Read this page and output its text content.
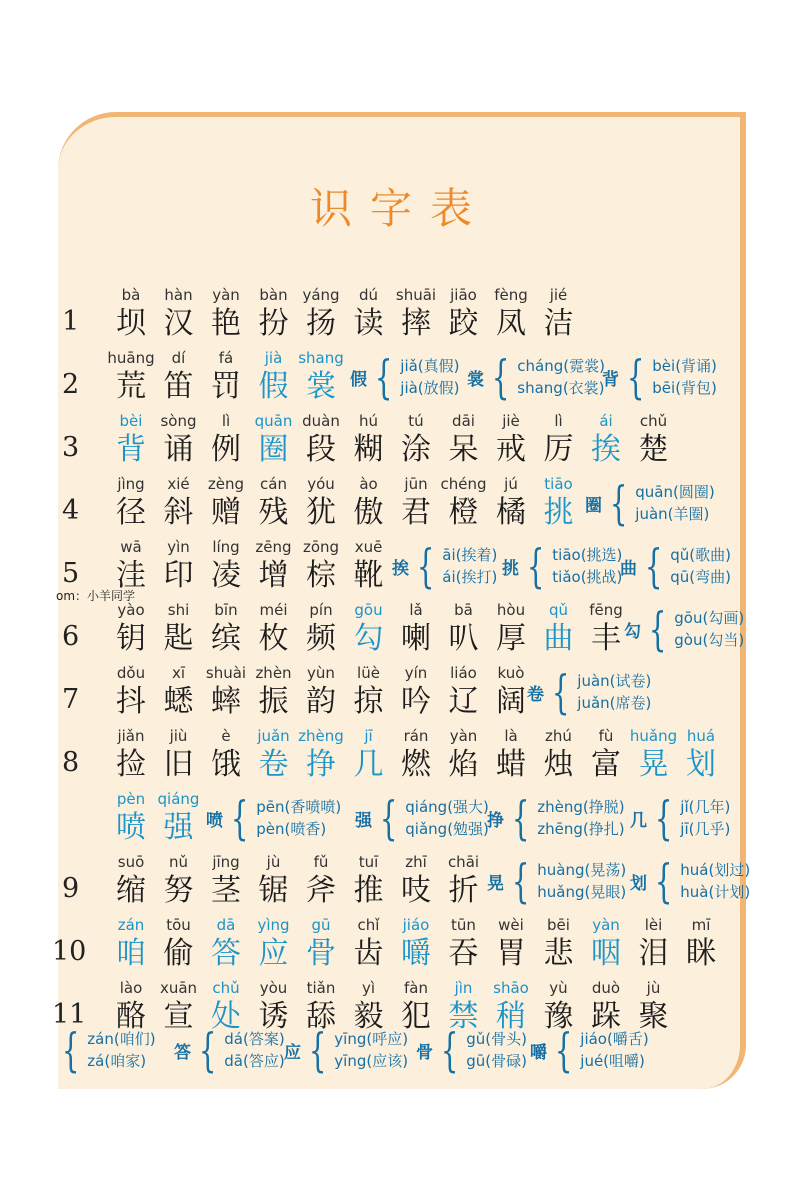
识字表
om：小羊同学
1
bà
坝
hàn
汉
yàn
艳
bàn
扮
yáng
扬
dú
读
shuāi
摔
jiāo
跤
fèng
凤
jié
洁
2
huāng
荒
dí
笛
fá
罚
jià
假
shang
裳 假 { jiǎ(真假)
jià(放假) 裳 { cháng(霓裳)
shang(衣裳)
背 { bèi(背诵)
bēi(背包)
3
bèi
背
sòng
诵
lì
例
quān
圈
duàn
段
hú
糊
tú
涂
dāi
呆
jiè
戒
lì
厉
ái
挨
chǔ
楚
4
jìng
径
xié
斜
zèng
赠
cán
残
yóu
犹
ào
傲
jūn
君
chéng
橙
jú
橘
tiāo
挑 圈 { quān(圆圈)
juàn(羊圈)
5
wā
洼
yìn
印
líng
凌
zēng
增
zōng
棕
xuē
靴 挨 { āi(挨着)
ái(挨打) 挑 { tiāo(挑选)
tiǎo(挑战)
曲 { qǔ(歌曲)
qū(弯曲)
6
yào
钥
shi
匙
bīn
缤
méi
枚
pín
频
gōu
勾
lǎ
喇
bā
叭
hòu
厚
qǔ
曲
fēng
丰 勾 { gōu(勾画)
gòu(勾当)
7
dǒu
抖
xī
蟋
shuài
蟀
zhèn
振
yùn
韵
lüè
掠
yín
吟
liáo
辽
kuò
阔 卷 { juàn(试卷)
juǎn(席卷)
8
jiǎn
捡
jiù
旧
è
饿
juǎn
卷
zhèng
挣
jī
几
rán
燃
yàn
焰
là
蜡
zhú
烛
fù
富
huǎng
晃
huá
划
pèn
喷
qiáng
强 喷 { pēn(香喷喷)
pèn(喷香)	强 { qiáng(强大)
qiǎng(勉强)
挣 { zhèng(挣脱)
zhēng(挣扎) 几 { jǐ(几年)
jī(几乎)
9
suō
缩
nǔ
努
jīng
茎
jù
锯
fǔ
斧
tuī
推
zhī
吱
chāi
折 晃 { huàng(晃荡)
huǎng(晃眼) 划 { huá(划过)
huà(计划)
10
zán
咱
tōu
偷
dā
答
yìng
应
gū
骨
chǐ
齿
jiáo
嚼
tūn
吞
wèi
胃
bēi
悲
yàn
咽
lèi
泪
mī
眯
11
lào
酪
xuān
宣
chǔ
处
yòu
诱
tiǎn
舔
yì
毅
fàn
犯
jìn
禁
shāo
稍
yù
豫
duò
跺
jù
聚
{ zán(咱们)
zá(咱家)	答 { dá(答案)
dā(答应) 应 { yīng(呼应)
yīng(应该) 骨 { gǔ(骨头)
gū(骨碌) 嚼 { jiáo(嚼舌)
jué(咀嚼)
